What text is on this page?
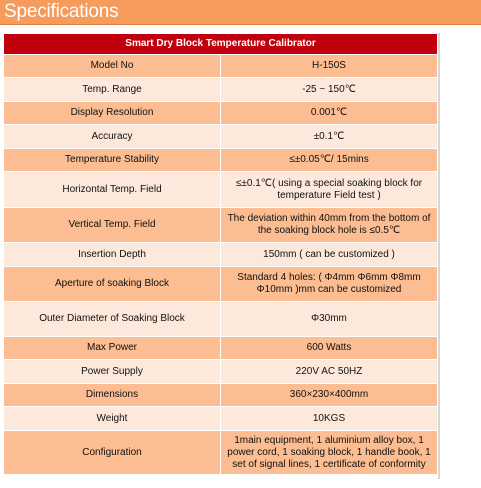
Specifications
Smart Dry Block Temperature Calibrator	
Model No	H-150S
Temp. Range	-25 ~ 150℃
Display Resolution	0.001℃
Accuracy	±0.1℃
Temperature Stability	≤±0.05℃/ 15mins
Horizontal Temp. Field	≤±0.1℃( using a special soaking block for temperature Field test )
Vertical Temp. Field	The deviation within 40mm from the bottom of the soaking block hole is ≤0.5℃
Insertion Depth	150mm ( can be customized )
Aperture of soaking Block	Standard 4 holes: ( Φ4mm Φ6mm Φ8mm Φ10mm )mm can be customized
Outer Diameter of Soaking Block	Φ30mm
Max Power	600 Watts
Power Supply	220V AC 50HZ
Dimensions	360×230×400mm
Weight	10KGS
Configuration	1main equipment, 1 aluminium alloy box, 1 power cord, 1 soaking block, 1 handle book, 1 set of signal lines, 1 certificate of conformity
